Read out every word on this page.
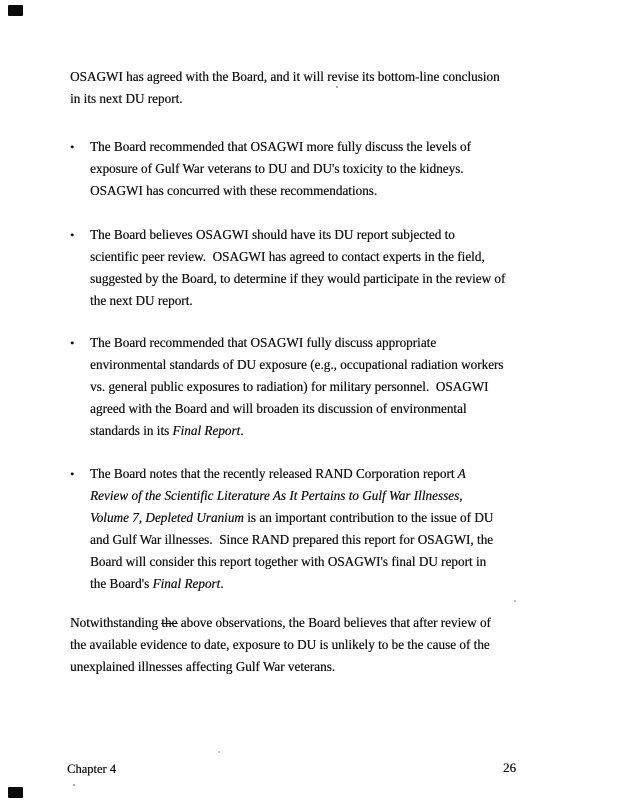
OSAGWI has agreed with the Board, and it will revise its bottom-line conclusion
in its next DU report.
•	The Board recommended that OSAGWI more fully discuss the levels of
exposure of Gulf War veterans to DU and DU's toxicity to the kidneys.
OSAGWI has concurred with these recommendations.
•	The Board believes OSAGWI should have its DU report subjected to
scientific peer review.  OSAGWI has agreed to contact experts in the field,
suggested by the Board, to determine if they would participate in the review of
the next DU report.
•	The Board recommended that OSAGWI fully discuss appropriate
environmental standards of DU exposure (e.g., occupational radiation workers
vs. general public exposures to radiation) for military personnel.  OSAGWI
agreed with the Board and will broaden its discussion of environmental
standards in its Final Report.
•	The Board notes that the recently released RAND Corporation report A
Review of the Scientific Literature As It Pertains to Gulf War Illnesses,
Volume 7, Depleted Uranium is an important contribution to the issue of DU
and Gulf War illnesses.  Since RAND prepared this report for OSAGWI, the
Board will consider this report together with OSAGWI's final DU report in
the Board's Final Report.
Notwithstanding the above observations, the Board believes that after review of
the available evidence to date, exposure to DU is unlikely to be the cause of the
unexplained illnesses affecting Gulf War veterans.
Chapter 4	26
